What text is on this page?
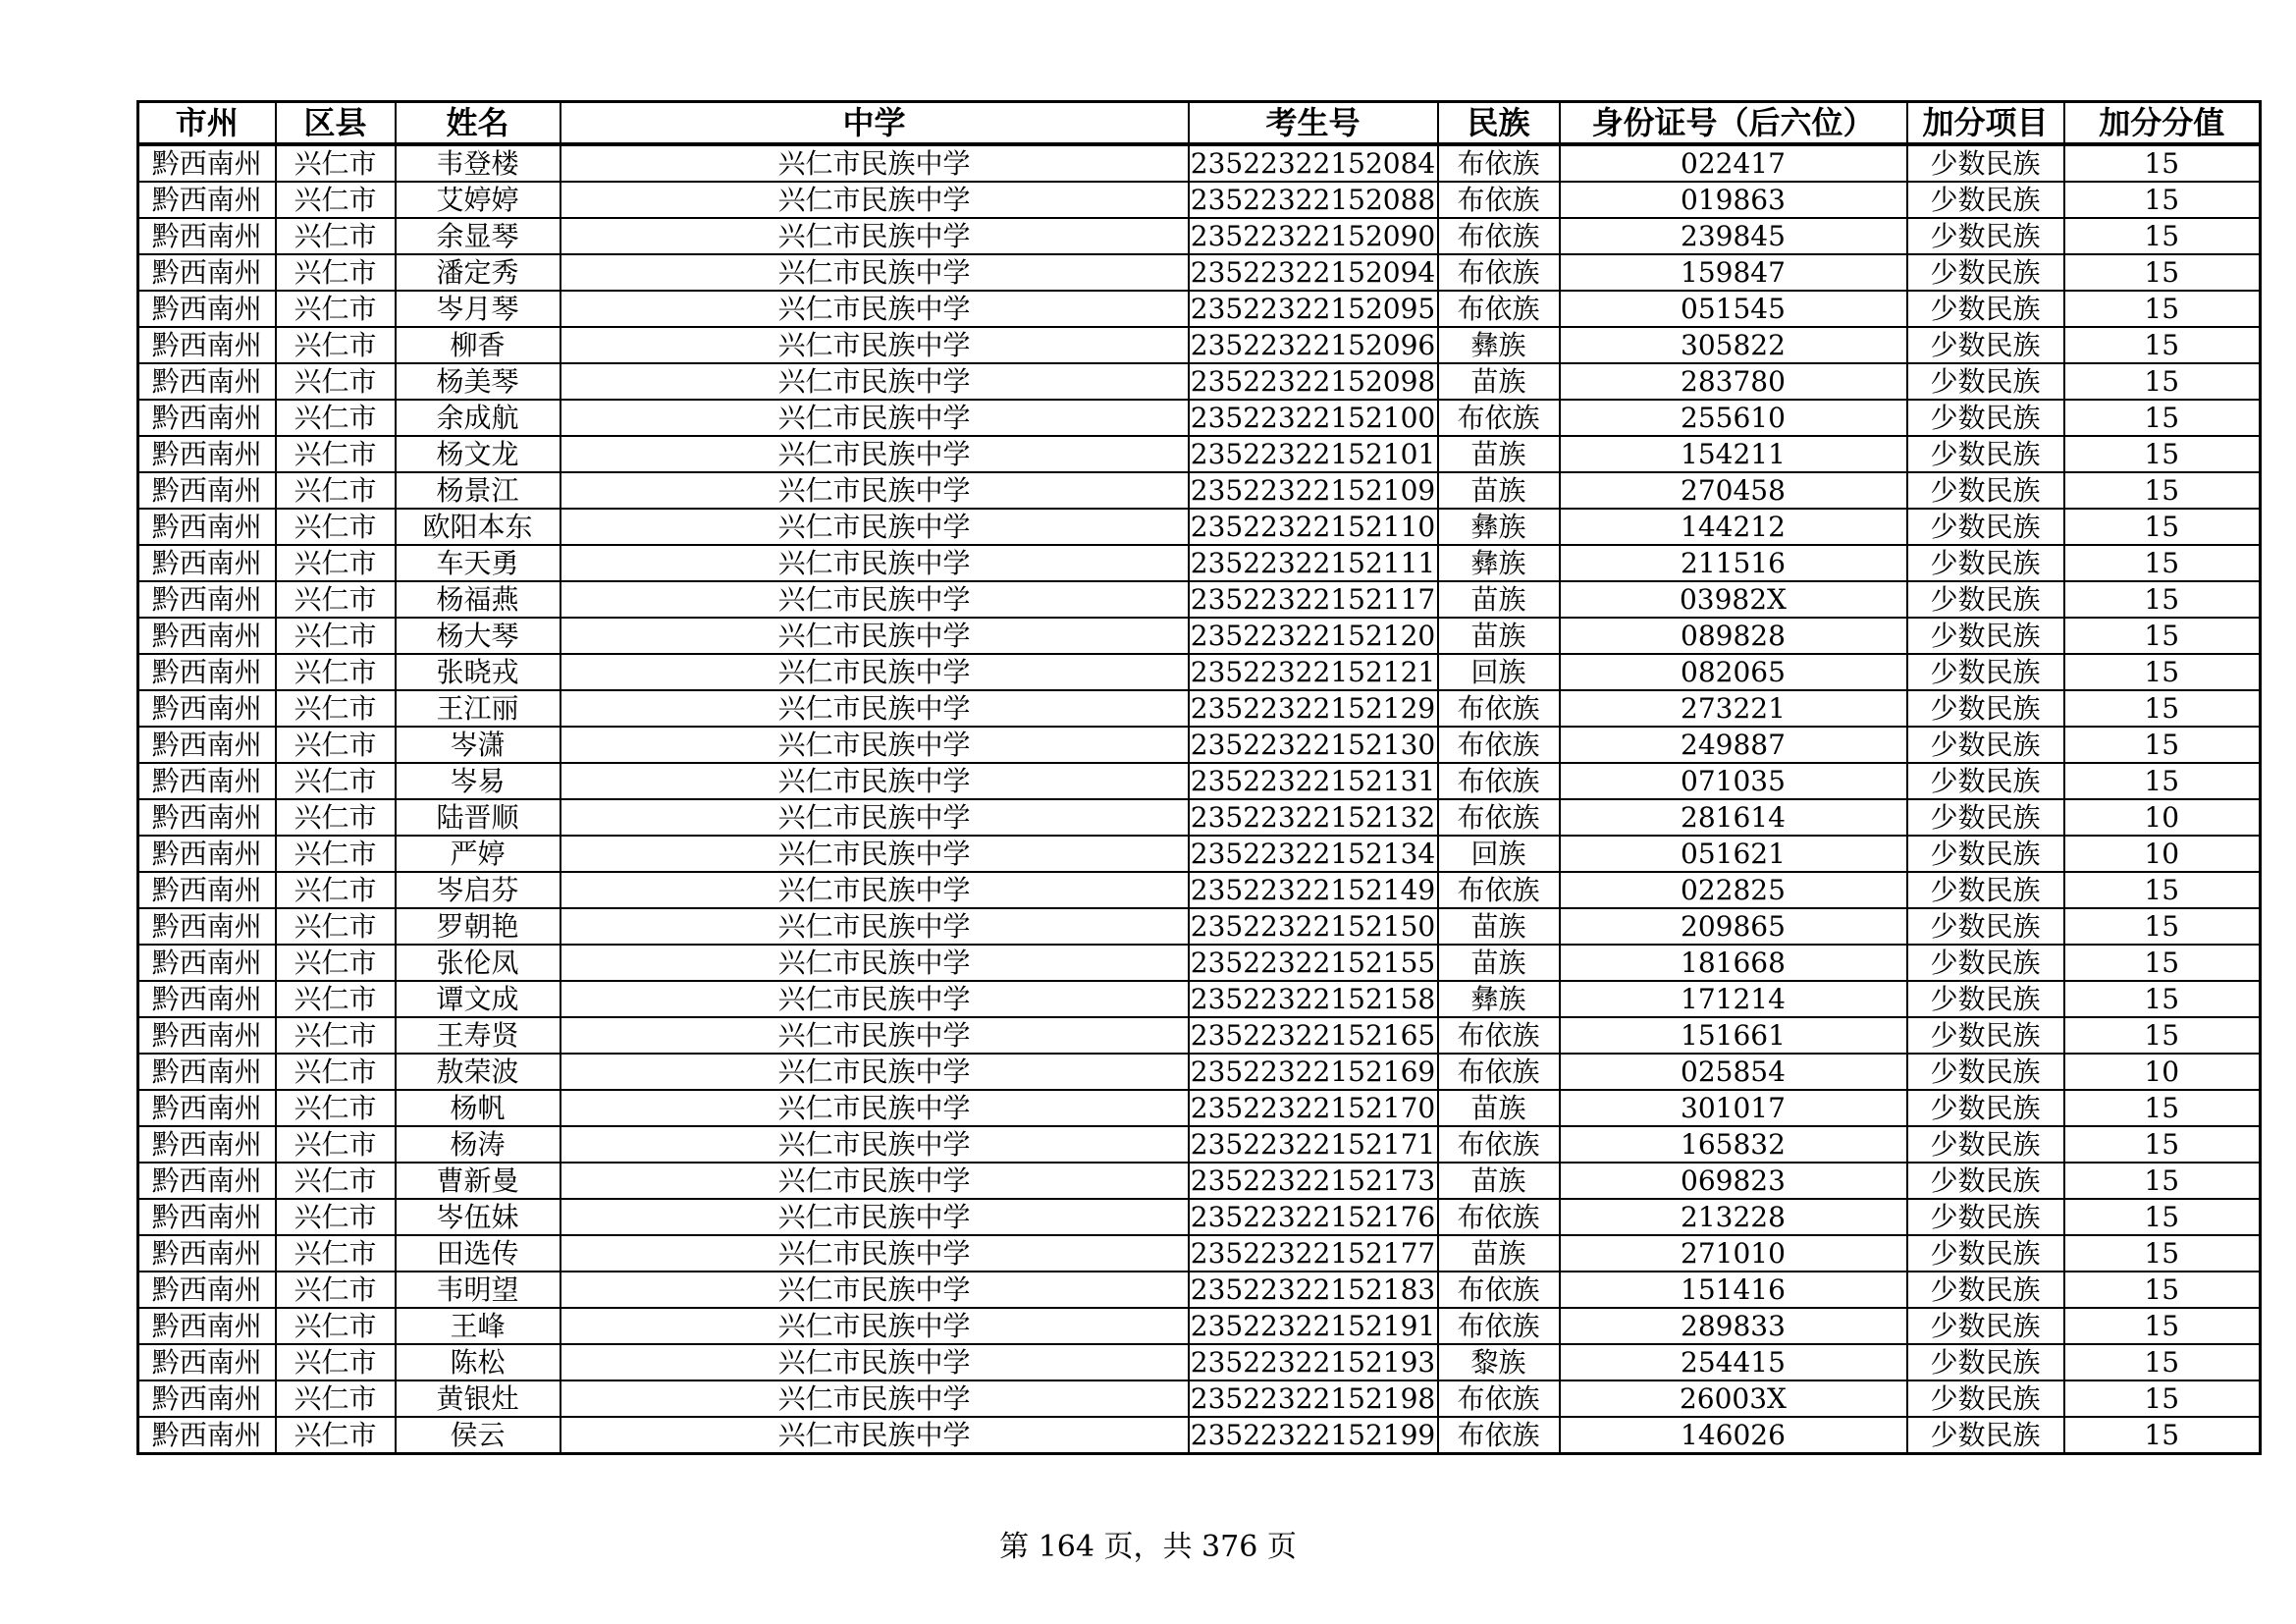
市州	区县	姓名	中学	考生号	民族	身份证号（后六位）	加分项目	加分分值
黔西南州	兴仁市	韦登楼	兴仁市民族中学	23522322152084	布依族	022417	少数民族	15
黔西南州	兴仁市	艾婷婷	兴仁市民族中学	23522322152088	布依族	019863	少数民族	15
黔西南州	兴仁市	余显琴	兴仁市民族中学	23522322152090	布依族	239845	少数民族	15
黔西南州	兴仁市	潘定秀	兴仁市民族中学	23522322152094	布依族	159847	少数民族	15
黔西南州	兴仁市	岑月琴	兴仁市民族中学	23522322152095	布依族	051545	少数民族	15
黔西南州	兴仁市	柳香	兴仁市民族中学	23522322152096	彝族	305822	少数民族	15
黔西南州	兴仁市	杨美琴	兴仁市民族中学	23522322152098	苗族	283780	少数民族	15
黔西南州	兴仁市	余成航	兴仁市民族中学	23522322152100	布依族	255610	少数民族	15
黔西南州	兴仁市	杨文龙	兴仁市民族中学	23522322152101	苗族	154211	少数民族	15
黔西南州	兴仁市	杨景江	兴仁市民族中学	23522322152109	苗族	270458	少数民族	15
黔西南州	兴仁市	欧阳本东	兴仁市民族中学	23522322152110	彝族	144212	少数民族	15
黔西南州	兴仁市	车天勇	兴仁市民族中学	23522322152111	彝族	211516	少数民族	15
黔西南州	兴仁市	杨福燕	兴仁市民族中学	23522322152117	苗族	03982X	少数民族	15
黔西南州	兴仁市	杨大琴	兴仁市民族中学	23522322152120	苗族	089828	少数民族	15
黔西南州	兴仁市	张晓戎	兴仁市民族中学	23522322152121	回族	082065	少数民族	15
黔西南州	兴仁市	王江丽	兴仁市民族中学	23522322152129	布依族	273221	少数民族	15
黔西南州	兴仁市	岑潇	兴仁市民族中学	23522322152130	布依族	249887	少数民族	15
黔西南州	兴仁市	岑易	兴仁市民族中学	23522322152131	布依族	071035	少数民族	15
黔西南州	兴仁市	陆晋顺	兴仁市民族中学	23522322152132	布依族	281614	少数民族	10
黔西南州	兴仁市	严婷	兴仁市民族中学	23522322152134	回族	051621	少数民族	10
黔西南州	兴仁市	岑启芬	兴仁市民族中学	23522322152149	布依族	022825	少数民族	15
黔西南州	兴仁市	罗朝艳	兴仁市民族中学	23522322152150	苗族	209865	少数民族	15
黔西南州	兴仁市	张伦凤	兴仁市民族中学	23522322152155	苗族	181668	少数民族	15
黔西南州	兴仁市	谭文成	兴仁市民族中学	23522322152158	彝族	171214	少数民族	15
黔西南州	兴仁市	王寿贤	兴仁市民族中学	23522322152165	布依族	151661	少数民族	15
黔西南州	兴仁市	敖荣波	兴仁市民族中学	23522322152169	布依族	025854	少数民族	10
黔西南州	兴仁市	杨帆	兴仁市民族中学	23522322152170	苗族	301017	少数民族	15
黔西南州	兴仁市	杨涛	兴仁市民族中学	23522322152171	布依族	165832	少数民族	15
黔西南州	兴仁市	曹新曼	兴仁市民族中学	23522322152173	苗族	069823	少数民族	15
黔西南州	兴仁市	岑伍妹	兴仁市民族中学	23522322152176	布依族	213228	少数民族	15
黔西南州	兴仁市	田选传	兴仁市民族中学	23522322152177	苗族	271010	少数民族	15
黔西南州	兴仁市	韦明望	兴仁市民族中学	23522322152183	布依族	151416	少数民族	15
黔西南州	兴仁市	王峰	兴仁市民族中学	23522322152191	布依族	289833	少数民族	15
黔西南州	兴仁市	陈松	兴仁市民族中学	23522322152193	黎族	254415	少数民族	15
黔西南州	兴仁市	黄银灶	兴仁市民族中学	23522322152198	布依族	26003X	少数民族	15
黔西南州	兴仁市	侯云	兴仁市民族中学	23522322152199	布依族	146026	少数民族	15
第 164 页，共 376 页
